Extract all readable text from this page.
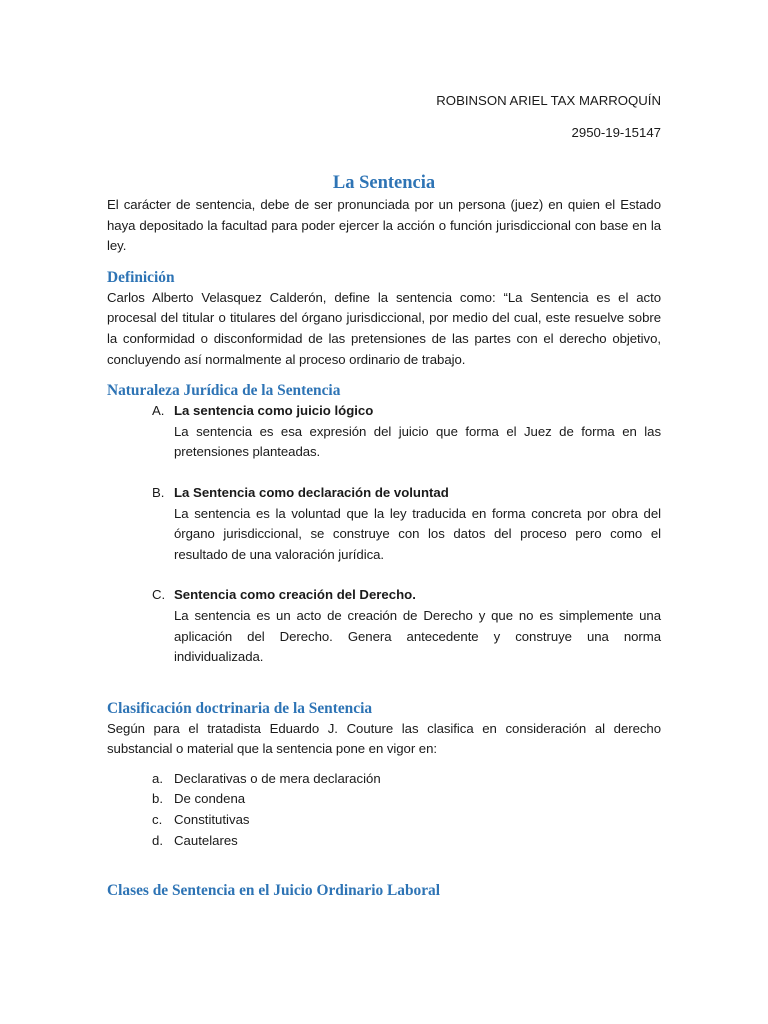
ROBINSON ARIEL TAX MARROQUÍN

2950-19-15147

La Sentencia

El carácter de sentencia, debe de ser pronunciada por un persona (juez) en quien el Estado haya depositado la facultad para poder ejercer la acción o función jurisdiccional con base en la ley.

Definición

Carlos Alberto Velasquez Calderón, define la sentencia como: “La Sentencia es el acto procesal del titular o titulares del órgano jurisdiccional, por medio del cual, este resuelve sobre la conformidad o disconformidad de las pretensiones de las partes con el derecho objetivo, concluyendo así normalmente al proceso ordinario de trabajo.

Naturaleza Jurídica de la Sentencia
A. La sentencia como juicio lógico

La sentencia es esa expresión del juicio que forma el Juez de forma en las pretensiones planteadas.

B. La Sentencia como declaración de voluntad

La sentencia es la voluntad que la ley traducida en forma concreta por obra del órgano jurisdiccional, se construye con los datos del proceso pero como el resultado de una valoración jurídica.

C. Sentencia como creación del Derecho.

La sentencia es un acto de creación de Derecho y que no es simplemente una aplicación del Derecho. Genera antecedente y construye una norma individualizada.

Clasificación doctrinaria de la Sentencia

Según para el tratadista Eduardo J. Couture las clasifica en consideración al derecho substancial o material que la sentencia pone en vigor en:

a. Declarativas o de mera declaración
b. De condena
c. Constitutivas
d. Cautelares
Clases de Sentencia en el Juicio Ordinario Laboral
